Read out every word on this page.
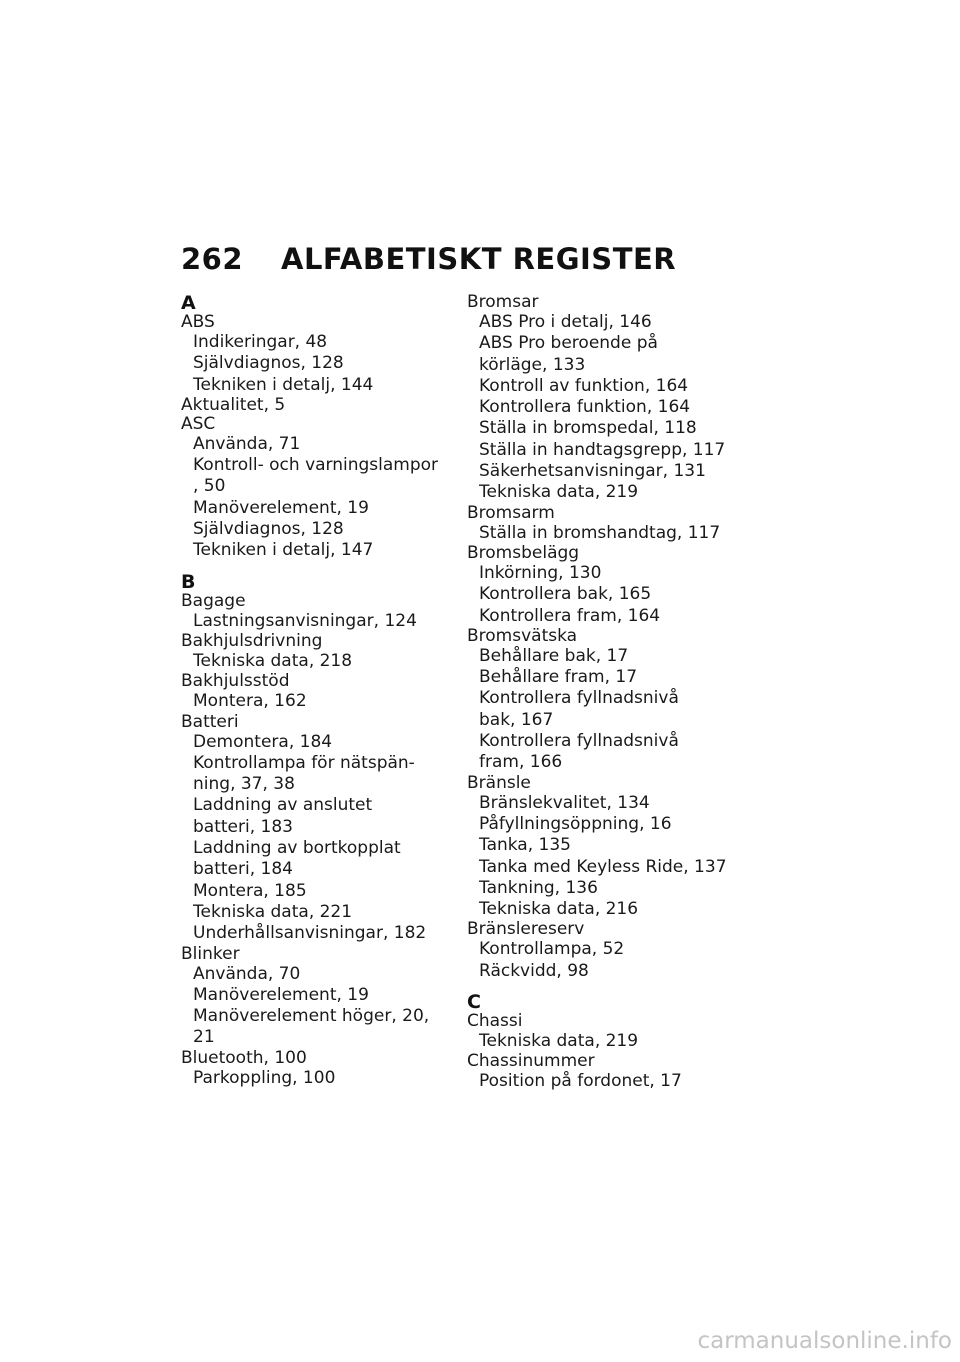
262 ALFABETISKT REGISTER
A
ABS
Indikeringar, 48
Självdiagnos, 128
Tekniken i detalj, 144
Aktualitet, 5
ASC
Använda, 71
Kontroll- och varningslampor
, 50
Manöverelement, 19
Självdiagnos, 128
Tekniken i detalj, 147
B
Bagage
Lastningsanvisningar, 124
Bakhjulsdrivning
Tekniska data, 218
Bakhjulsstöd
Montera, 162
Batteri
Demontera, 184
Kontrollampa för nätspän-
ning, 37, 38
Laddning av anslutet
batteri, 183
Laddning av bortkopplat
batteri, 184
Montera, 185
Tekniska data, 221
Underhållsanvisningar, 182
Blinker
Använda, 70
Manöverelement, 19
Manöverelement höger, 20,
21
Bluetooth, 100
Parkoppling, 100
Bromsar
ABS Pro i detalj, 146
ABS Pro beroende på
körläge, 133
Kontroll av funktion, 164
Kontrollera funktion, 164
Ställa in bromspedal, 118
Ställa in handtagsgrepp, 117
Säkerhetsanvisningar, 131
Tekniska data, 219
Bromsarm
Ställa in bromshandtag, 117
Bromsbelägg
Inkörning, 130
Kontrollera bak, 165
Kontrollera fram, 164
Bromsvätska
Behållare bak, 17
Behållare fram, 17
Kontrollera fyllnadsnivå
bak, 167
Kontrollera fyllnadsnivå
fram, 166
Bränsle
Bränslekvalitet, 134
Påfyllningsöppning, 16
Tanka, 135
Tanka med Keyless Ride, 137
Tankning, 136
Tekniska data, 216
Bränslereserv
Kontrollampa, 52
Räckvidd, 98
C
Chassi
Tekniska data, 219
Chassinummer
Position på fordonet, 17
carmanualsonline.info
